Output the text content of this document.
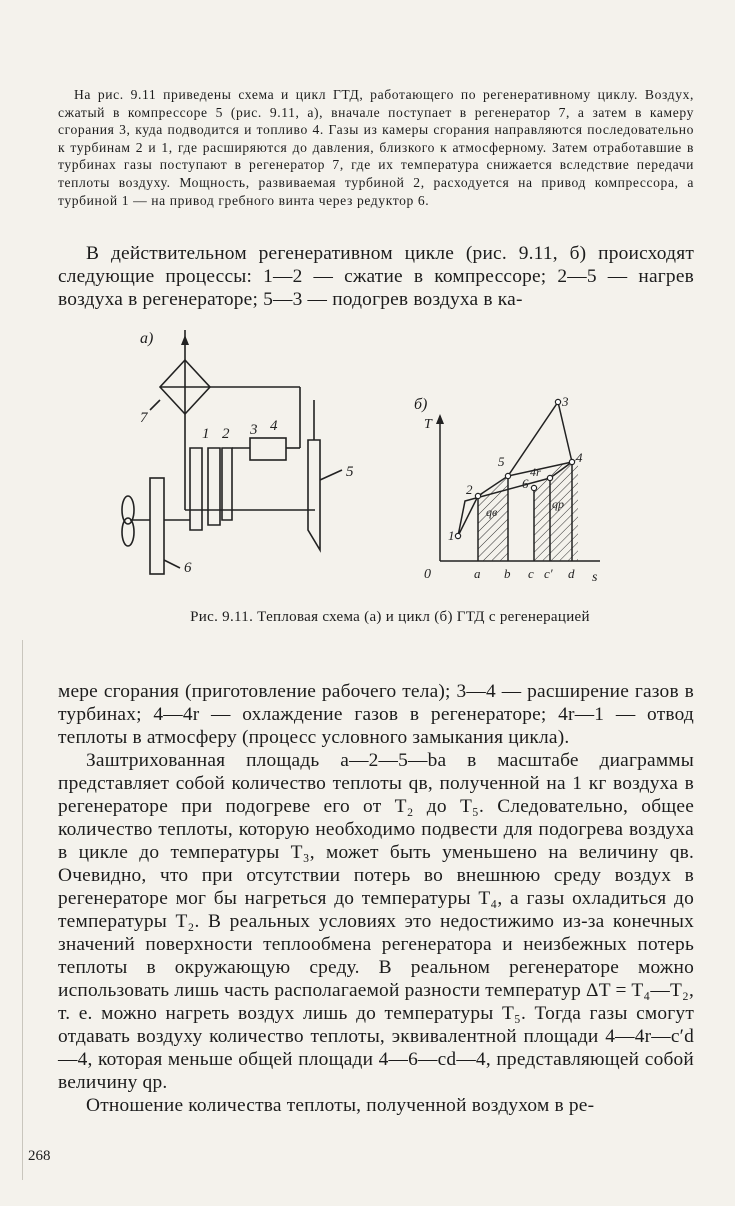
На рис. 9.11 приведены схема и цикл ГТД, работающего по регенеративному циклу. Воздух, сжатый в компрессоре 5 (рис. 9.11, а), вначале поступает в регенератор 7, а затем в камеру сгорания 3, куда подводится и топливо 4. Газы из камеры сгорания направляются последовательно к турбинам 2 и 1, где расширяются до давления, близкого к атмосферному. Затем отработавшие в турбинах газы поступают в регенератор 7, где их температура снижается вследствие передачи теплоты воздуху. Мощность, развиваемая турбиной 2, расходуется на привод компрессора, а турбиной 1 — на привод гребного винта через редуктор 6.

В действительном регенеративном цикле (рис. 9.11, б) происходят следующие процессы: 1—2 — сжатие в компрессоре; 2—5 — нагрев воздуха в регенераторе; 5—3 — подогрев воздуха в ка-

а)
7
1 2 3 4
5
6
б)
T
s
0
1
2
5
3
4
4r
6
qв
qр
a b c c′ d
Рис. 9.11. Тепловая схема (а) и цикл (б) ГТД с регенерацией

мере сгорания (приготовление рабочего тела); 3—4 — расширение газов в турбинах; 4—4r — охлаждение газов в регенераторе; 4r—1 — отвод теплоты в атмосферу (процесс условного замыкания цикла).

Заштрихованная площадь a—2—5—ba в масштабе диаграммы представляет собой количество теплоты qв, полученной на 1 кг воздуха в регенераторе при подогреве его от T₂ до T₅. Следовательно, общее количество теплоты, которую необходимо подвести для подогрева воздуха в цикле до температуры T₃, может быть уменьшено на величину qв. Очевидно, что при отсутствии потерь во внешнюю среду воздух в регенераторе мог бы нагреться до температуры T₄, а газы охладиться до температуры T₂. В реальных условиях это недостижимо из-за конечных значений поверхности теплообмена регенератора и неизбежных потерь теплоты в окружающую среду. В реальном регенераторе можно использовать лишь часть располагаемой разности температур ΔT = T₄—T₂, т. е. можно нагреть воздух лишь до температуры T₅. Тогда газы смогут отдавать воздуху количество теплоты, эквивалентной площади 4—4r—c′d—4, которая меньше общей площади 4—6—cd—4, представляющей собой величину qр.

Отношение количества теплоты, полученной воздухом в ре-

268
